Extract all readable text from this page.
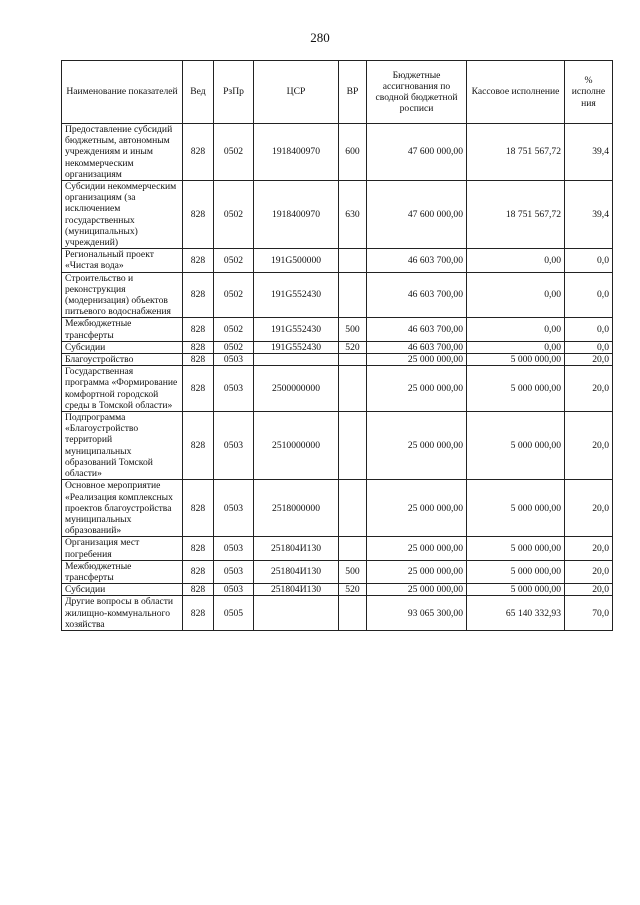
280
Наименование показателей	Вед	РзПр	ЦСР	ВР	Бюджетные ассигнования по сводной бюджетной росписи	Кассовое исполнение	% исполне ния
Предоставление субсидий бюджетным, автономным учреждениям и иным некоммерческим организациям	828	0502	1918400970	600	47 600 000,00	18 751 567,72	39,4
Субсидии некоммерческим организациям (за исключением государственных (муниципальных) учреждений)	828	0502	1918400970	630	47 600 000,00	18 751 567,72	39,4
Региональный проект «Чистая вода»	828	0502	191G500000		46 603 700,00	0,00	0,0
Строительство и реконструкция (модернизация) объектов питьевого водоснабжения	828	0502	191G552430		46 603 700,00	0,00	0,0
Межбюджетные трансферты	828	0502	191G552430	500	46 603 700,00	0,00	0,0
Субсидии	828	0502	191G552430	520	46 603 700,00	0,00	0,0
Благоустройство	828	0503			25 000 000,00	5 000 000,00	20,0
Государственная программа «Формирование комфортной городской среды в Томской области»	828	0503	2500000000		25 000 000,00	5 000 000,00	20,0
Подпрограмма «Благоустройство территорий муниципальных образований Томской области»	828	0503	2510000000		25 000 000,00	5 000 000,00	20,0
Основное мероприятие «Реализация комплексных проектов благоустройства муниципальных образований»	828	0503	2518000000		25 000 000,00	5 000 000,00	20,0
Организация мест погребения	828	0503	251804И130		25 000 000,00	5 000 000,00	20,0
Межбюджетные трансферты	828	0503	251804И130	500	25 000 000,00	5 000 000,00	20,0
Субсидии	828	0503	251804И130	520	25 000 000,00	5 000 000,00	20,0
Другие вопросы в области жилищно-коммунального хозяйства	828	0505			93 065 300,00	65 140 332,93	70,0
